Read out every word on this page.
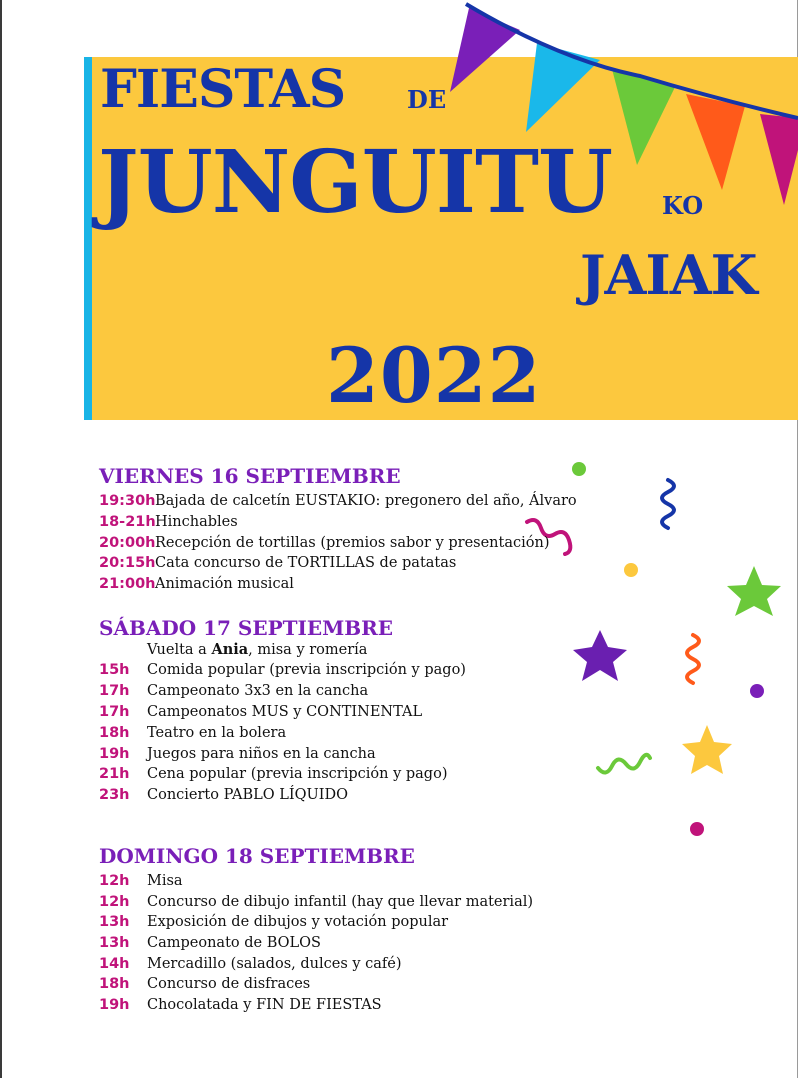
FIESTAS	DE
JUNGUITU KO
JAIAK
2022
VIERNES 16 SEPTIEMBRE
19:30h Bajada de calcetín EUSTAKIO: pregonero del año, Álvaro
18-21h Hinchables
20:00h Recepción de tortillas (premios sabor y presentación)
20:15h Cata concurso de TORTILLAS de patatas
21:00h Animación musical
SÁBADO 17 SEPTIEMBRE
Vuelta a Ania, misa y romería
15h Comida popular (previa inscripción y pago)
17h Campeonato 3x3 en la cancha
17h Campeonatos MUS y CONTINENTAL
18h Teatro en la bolera
19h Juegos para niños en la cancha
21h Cena popular (previa inscripción y pago)
23h Concierto PABLO LÍQUIDO
DOMINGO 18 SEPTIEMBRE
12h Misa
12h Concurso de dibujo infantil (hay que llevar material)
13h Exposición de dibujos y votación popular
13h Campeonato de BOLOS
14h Mercadillo (salados, dulces y café)
18h Concurso de disfraces
19h Chocolatada y FIN DE FIESTAS
